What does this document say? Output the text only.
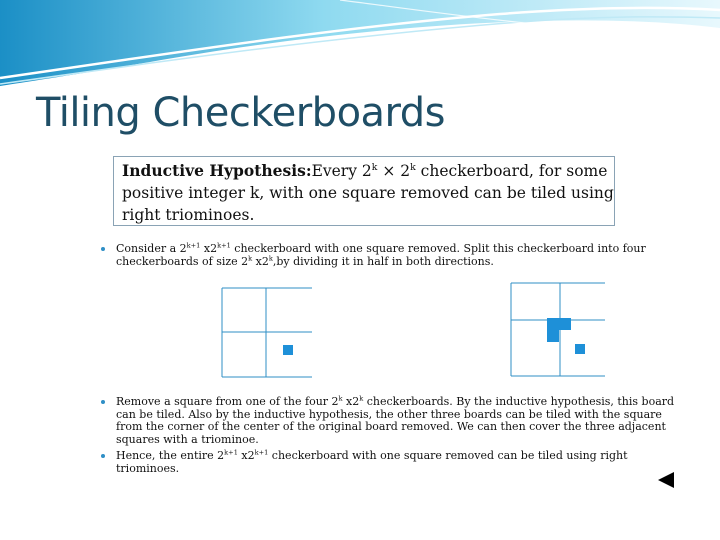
Tiling Checkerboards
Inductive Hypothesis:Every $2^k \times 2^k$ checkerboard, for some
positive integer k, with one square removed can be tiled using
right triominoes.
Consider a $2^{k+1}$ $x2^{k+1}$ checkerboard with one square removed. Split this checkerboard into four checkerboards of size 2$^k$ x2$^k$,by dividing it in half in both directions.
Remove a square from one of the four 2$^k$ x2$^k$ checkerboards. By the inductive hypothesis, this board can be tiled. Also by the inductive hypothesis, the other three boards can be tiled with the square from the corner of the center of the original board removed. We can then cover the three adjacent squares with a triominoe.
Hence, the entire $2^{k+1}$ $x2^{k+1}$ checkerboard with one square removed can be tiled using right triominoes.
